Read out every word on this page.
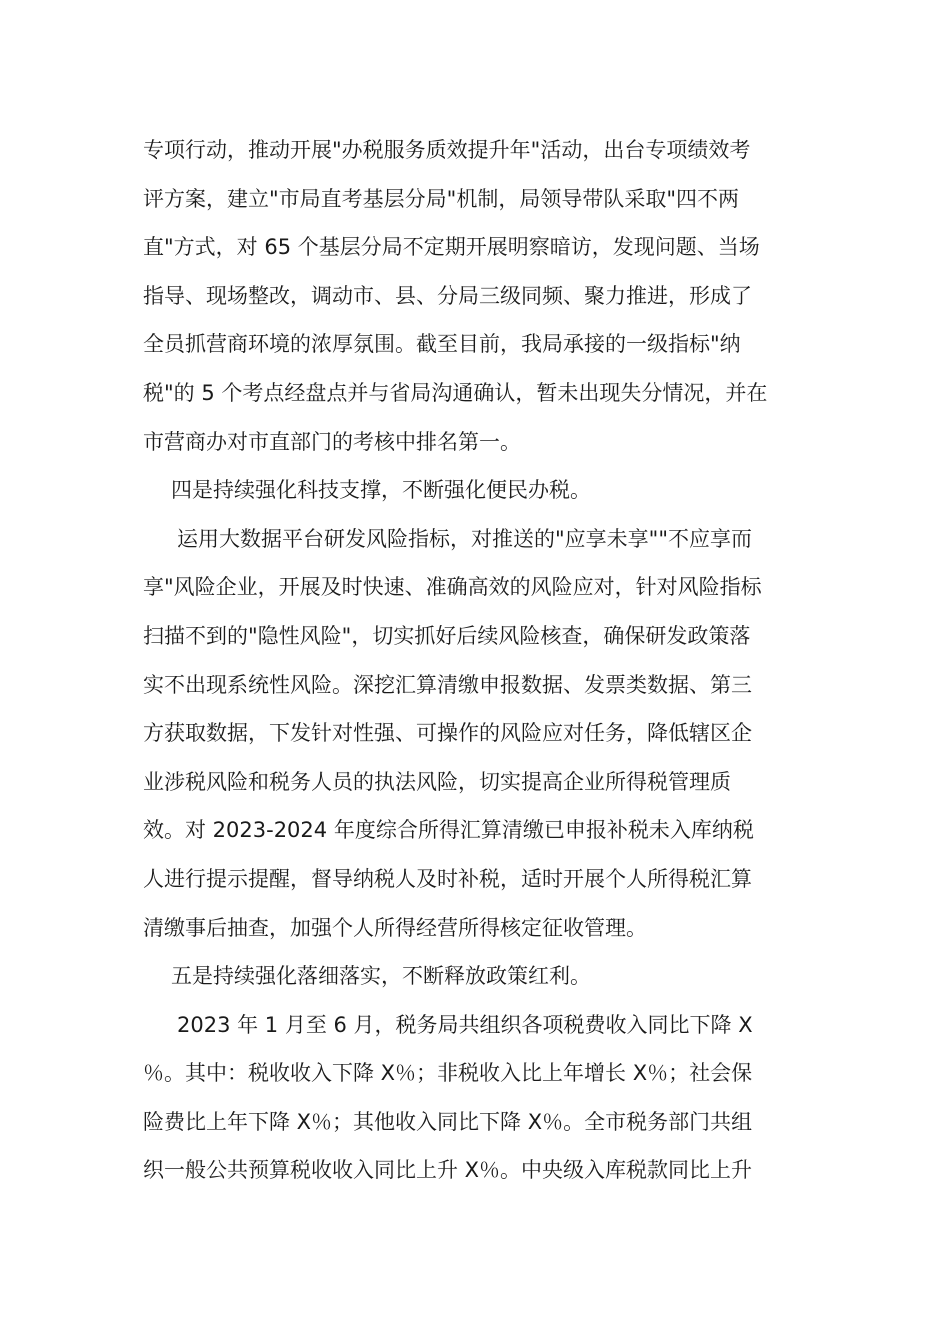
专项行动，推动开展"办税服务质效提升年"活动，出台专项绩效考
评方案，建立"市局直考基层分局"机制，局领导带队采取"四不两
直"方式，对 65 个基层分局不定期开展明察暗访，发现问题、当场
指导、现场整改，调动市、县、分局三级同频、聚力推进，形成了
全员抓营商环境的浓厚氛围。截至目前，我局承接的一级指标"纳
税"的 5 个考点经盘点并与省局沟通确认，暂未出现失分情况，并在
市营商办对市直部门的考核中排名第一。
四是持续强化科技支撑，不断强化便民办税。
运用大数据平台研发风险指标，对推送的"应享未享""不应享而
享"风险企业，开展及时快速、准确高效的风险应对，针对风险指标
扫描不到的"隐性风险"，切实抓好后续风险核查，确保研发政策落
实不出现系统性风险。深挖汇算清缴申报数据、发票类数据、第三
方获取数据，下发针对性强、可操作的风险应对任务，降低辖区企
业涉税风险和税务人员的执法风险，切实提高企业所得税管理质
效。对 2023-2024 年度综合所得汇算清缴已申报补税未入库纳税
人进行提示提醒，督导纳税人及时补税，适时开展个人所得税汇算
清缴事后抽查，加强个人所得经营所得核定征收管理。
五是持续强化落细落实，不断释放政策红利。
2023 年 1 月至 6 月，税务局共组织各项税费收入同比下降 X
％。其中：税收收入下降 X％；非税收入比上年增长 X％；社会保
险费比上年下降 X％；其他收入同比下降 X％。全市税务部门共组
织一般公共预算税收收入同比上升 X％。中央级入库税款同比上升
